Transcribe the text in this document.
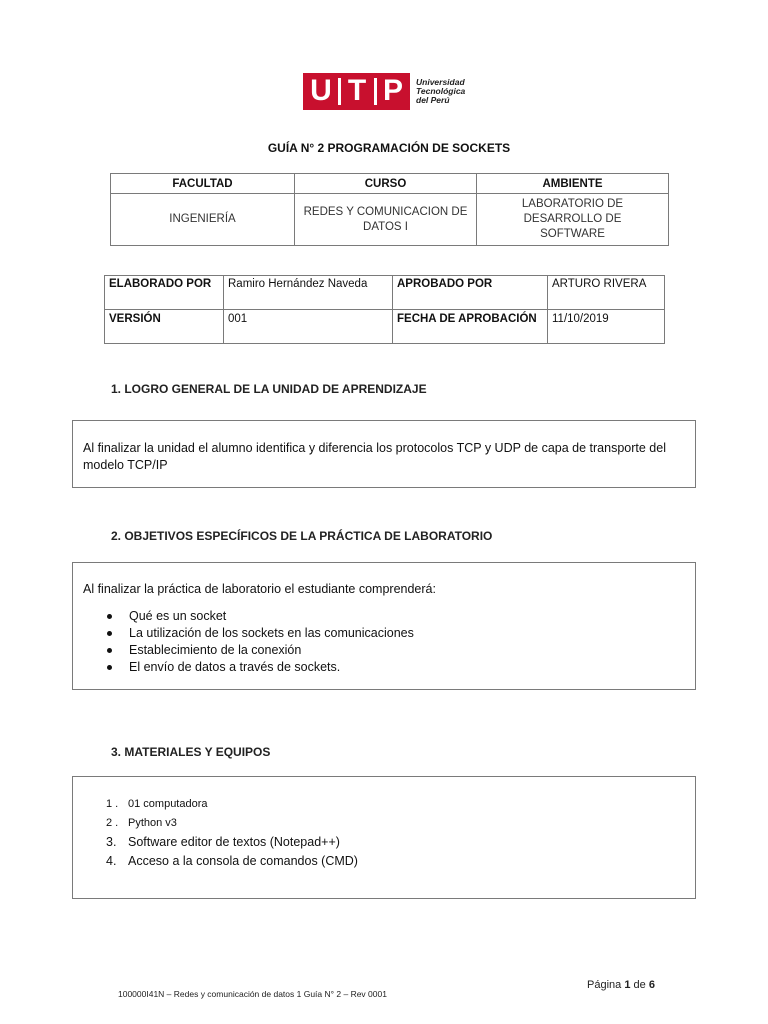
U T P	Universidad
Tecnológica
del Perú
GUÍA N° 2 PROGRAMACIÓN DE SOCKETS
FACULTAD	CURSO	AMBIENTE
INGENIERÍA	REDES Y COMUNICACION DE DATOS I	LABORATORIO DE DESARROLLO DE SOFTWARE
ELABORADO POR	Ramiro Hernández Naveda	APROBADO POR	ARTURO RIVERA
VERSIÓN	001	FECHA DE APROBACIÓN	11/10/2019
1. LOGRO GENERAL DE LA UNIDAD DE APRENDIZAJE
Al finalizar la unidad el alumno identifica y diferencia los protocolos TCP y UDP de capa de transporte del modelo TCP/IP
2. OBJETIVOS ESPECÍFICOS DE LA PRÁCTICA DE LABORATORIO
Al finalizar la práctica de laboratorio el estudiante comprenderá:
Qué es un socket
La utilización de los sockets en las comunicaciones
Establecimiento de la conexión
El envío de datos a través de sockets.
3. MATERIALES Y EQUIPOS
1 . 01 computadora
2 . Python v3
3. Software editor de textos (Notepad++)
4. Acceso a la consola de comandos (CMD)
100000I41N – Redes y comunicación de datos 1 Guía N° 2 – Rev 0001
Página 1 de 6
